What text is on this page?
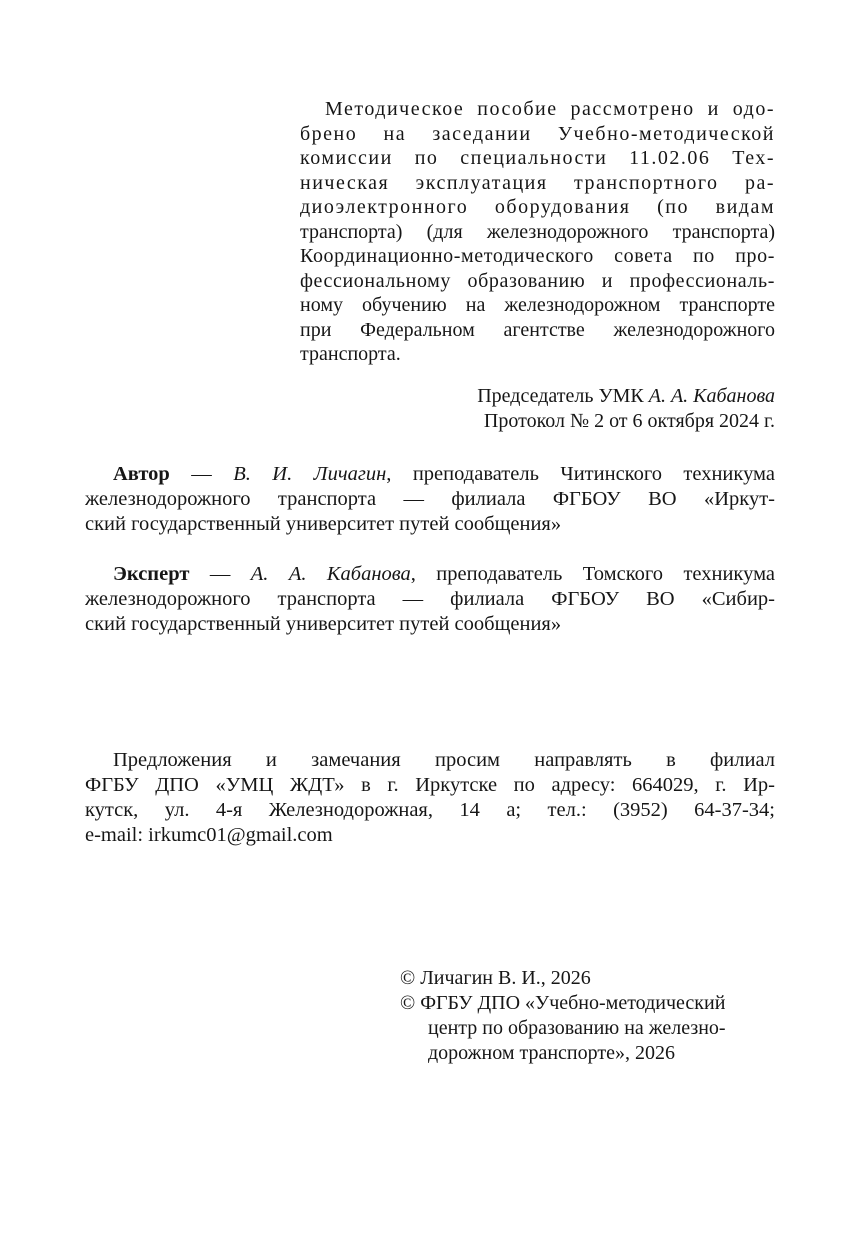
Методическое пособие рассмотрено и одо-
брено на заседании Учебно-методической
комиссии по специальности 11.02.06 Тех-
ническая эксплуатация транспортного ра-
диоэлектронного оборудования (по видам
транспорта) (для железнодорожного транспорта)
Координационно-методического совета по про-
фессиональному образованию и профессиональ-
ному обучению на железнодорожном транспорте
при Федеральном агентстве железнодорожного
транспорта.
Председатель УМК А. А. Кабанова
Протокол № 2 от 6 октября 2024 г.
Автор — В. И. Личагин, преподаватель Читинского техникума
железнодорожного транспорта — филиала ФГБОУ ВО «Иркут-
ский государственный университет путей сообщения»
Эксперт — А. А. Кабанова, преподаватель Томского техникума
железнодорожного транспорта — филиала ФГБОУ ВО «Сибир-
ский государственный университет путей сообщения»
Предложения и замечания просим направлять в филиал
ФГБУ ДПО «УМЦ ЖДТ» в г. Иркутске по адресу: 664029, г. Ир-
кутск, ул. 4-я Железнодорожная, 14 а; тел.: (3952) 64-37-34;
e-mail: irkumc01@gmail.com
© Личагин В. И., 2026
© ФГБУ ДПО «Учебно-методический
центр по образованию на железно-
дорожном транспорте», 2026
